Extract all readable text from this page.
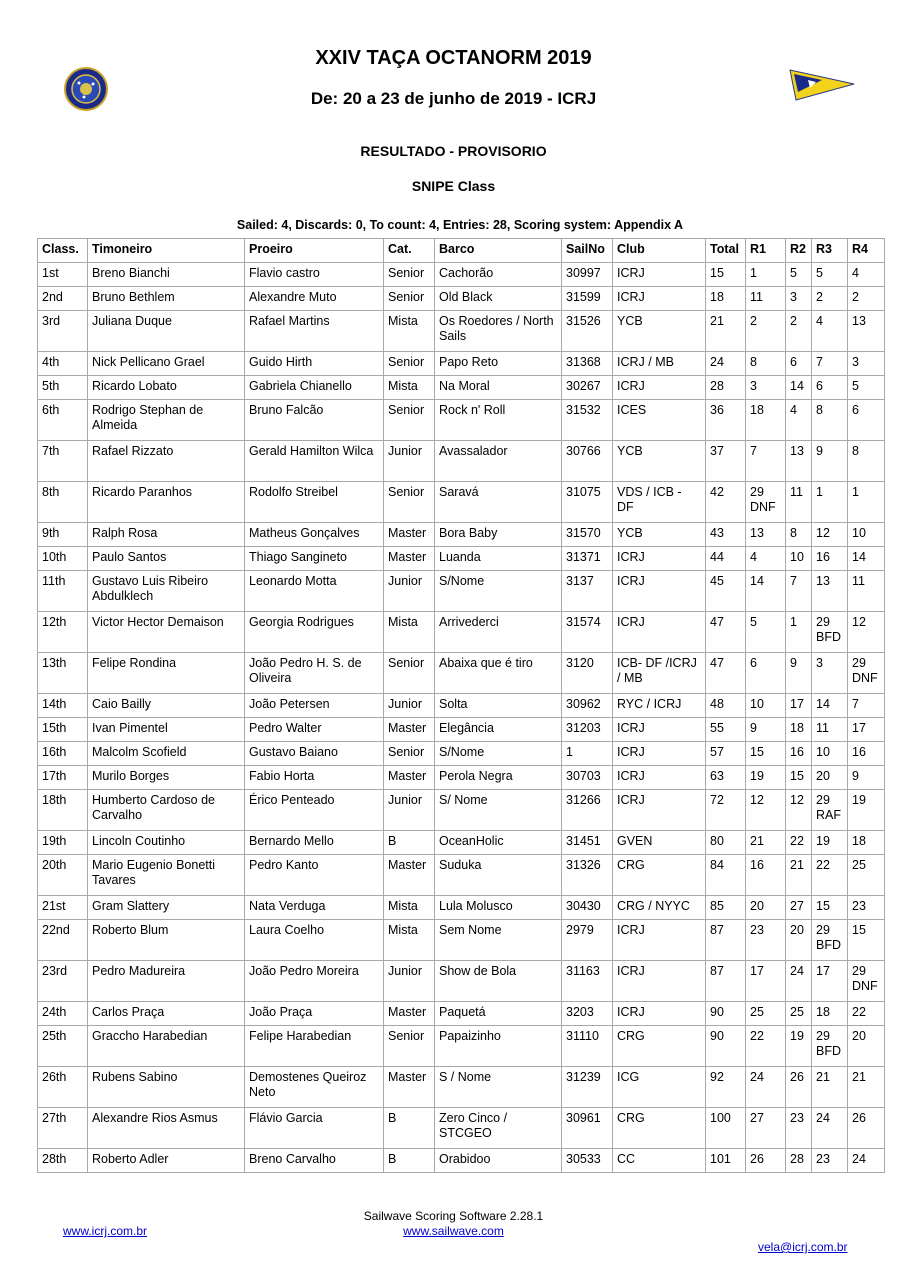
XXIV TAÇA OCTANORM 2019
De: 20 a 23 de junho de 2019 - ICRJ
RESULTADO - PROVISORIO
SNIPE Class
Sailed: 4, Discards: 0, To count: 4, Entries: 28, Scoring system: Appendix A
Class.	Timoneiro	Proeiro	Cat.	Barco	SailNo	Club	Total	R1	R2	R3	R4
1st	Breno Bianchi	Flavio castro	Senior	Cachorão	30997	ICRJ	15	1	5	5	4
2nd	Bruno Bethlem	Alexandre Muto	Senior	Old Black	31599	ICRJ	18	11	3	2	2
3rd	Juliana Duque	Rafael Martins	Mista	Os Roedores / North Sails	31526	YCB	21	2	2	4	13
4th	Nick Pellicano Grael	Guido Hirth	Senior	Papo Reto	31368	ICRJ / MB	24	8	6	7	3
5th	Ricardo Lobato	Gabriela Chianello	Mista	Na Moral	30267	ICRJ	28	3	14	6	5
6th	Rodrigo Stephan de Almeida	Bruno Falcão	Senior	Rock n' Roll	31532	ICES	36	18	4	8	6
7th	Rafael Rizzato	Gerald Hamilton Wilca	Junior	Avassalador	30766	YCB	37	7	13	9	8
8th	Ricardo Paranhos	Rodolfo Streibel	Senior	Saravá	31075	VDS / ICB - DF	42	29 DNF	11	1	1
9th	Ralph Rosa	Matheus Gonçalves	Master	Bora Baby	31570	YCB	43	13	8	12	10
10th	Paulo Santos	Thiago Sangineto	Master	Luanda	31371	ICRJ	44	4	10	16	14
11th	Gustavo Luis Ribeiro Abdulklech	Leonardo Motta	Junior	S/Nome	3137	ICRJ	45	14	7	13	11
12th	Victor Hector Demaison	Georgia Rodrigues	Mista	Arrivederci	31574	ICRJ	47	5	1	29 BFD	12
13th	Felipe Rondina	João Pedro H. S. de Oliveira	Senior	Abaixa que é tiro	3120	ICB- DF /ICRJ / MB	47	6	9	3	29 DNF
14th	Caio Bailly	João Petersen	Junior	Solta	30962	RYC / ICRJ	48	10	17	14	7
15th	Ivan Pimentel	Pedro Walter	Master	Elegância	31203	ICRJ	55	9	18	11	17
16th	Malcolm Scofield	Gustavo Baiano	Senior	S/Nome	1	ICRJ	57	15	16	10	16
17th	Murilo Borges	Fabio Horta	Master	Perola Negra	30703	ICRJ	63	19	15	20	9
18th	Humberto Cardoso de Carvalho	Érico Penteado	Junior	S/ Nome	31266	ICRJ	72	12	12	29 RAF	19
19th	Lincoln Coutinho	Bernardo Mello	B	OceanHolic	31451	GVEN	80	21	22	19	18
20th	Mario Eugenio Bonetti Tavares	Pedro Kanto	Master	Suduka	31326	CRG	84	16	21	22	25
21st	Gram Slattery	Nata Verduga	Mista	Lula Molusco	30430	CRG / NYYC	85	20	27	15	23
22nd	Roberto Blum	Laura Coelho	Mista	Sem Nome	2979	ICRJ	87	23	20	29 BFD	15
23rd	Pedro Madureira	João Pedro Moreira	Junior	Show de Bola	31163	ICRJ	87	17	24	17	29 DNF
24th	Carlos Praça	João Praça	Master	Paquetá	3203	ICRJ	90	25	25	18	22
25th	Graccho Harabedian	Felipe Harabedian	Senior	Papaizinho	31110	CRG	90	22	19	29 BFD	20
26th	Rubens Sabino	Demostenes Queiroz Neto	Master	S / Nome	31239	ICG	92	24	26	21	21
27th	Alexandre Rios Asmus	Flávio Garcia	B	Zero Cinco / STCGEO	30961	CRG	100	27	23	24	26
28th	Roberto Adler	Breno Carvalho	B	Orabidoo	30533	CC	101	26	28	23	24
Sailwave Scoring Software 2.28.1
www.sailwave.com
www.icrj.com.br
vela@icrj.com.br
